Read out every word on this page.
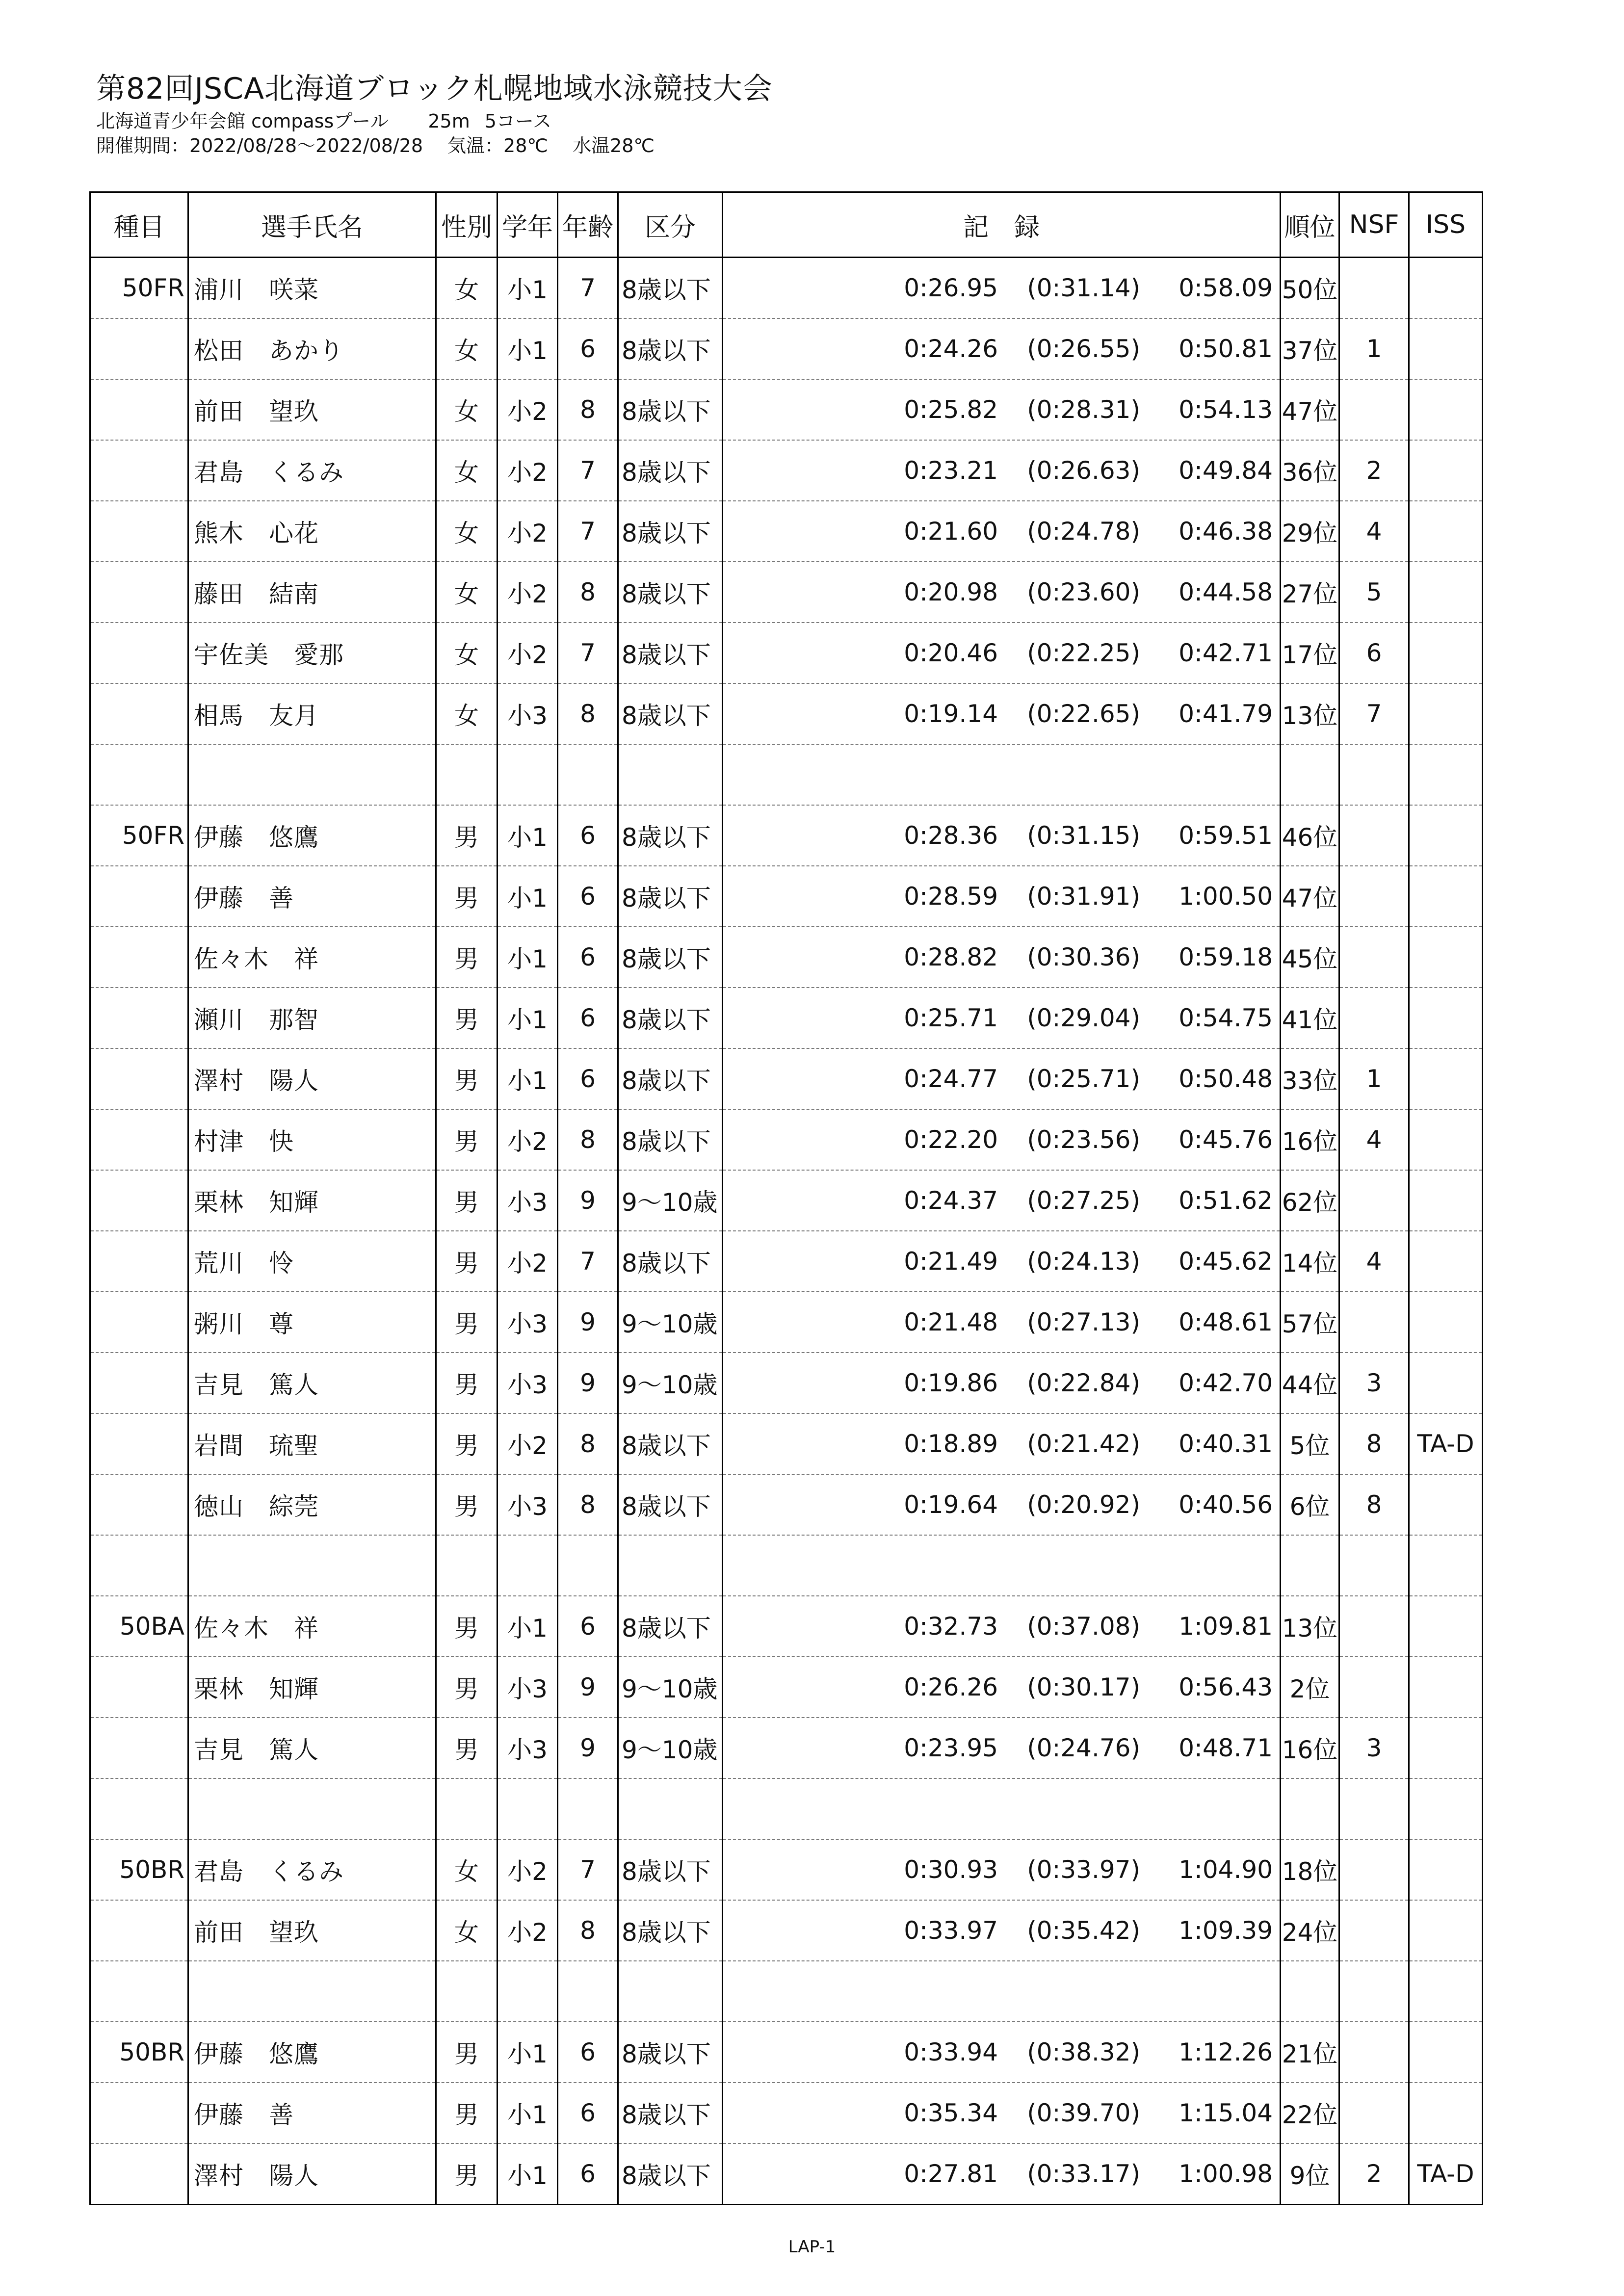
第82回JSCA北海道ブロック札幌地域水泳競技大会

北海道青少年会館 compassプール 25m 5コース

開催期間：2022/08/28～2022/08/28 気温：28℃ 水温28℃

種目	選手氏名	性別	学年	年齢	区分	記　録	順位	NSF	ISS
50FR	浦川　咲菜	女	小1	7	8歳以下	0:26.95 (0:31.14) 0:58.09	50位		
	松田　あかり	女	小1	6	8歳以下	0:24.26 (0:26.55) 0:50.81	37位	1	
	前田　望玖	女	小2	8	8歳以下	0:25.82 (0:28.31) 0:54.13	47位		
	君島　くるみ	女	小2	7	8歳以下	0:23.21 (0:26.63) 0:49.84	36位	2	
	熊木　心花	女	小2	7	8歳以下	0:21.60 (0:24.78) 0:46.38	29位	4	
	藤田　結南	女	小2	8	8歳以下	0:20.98 (0:23.60) 0:44.58	27位	5	
	宇佐美　愛那	女	小2	7	8歳以下	0:20.46 (0:22.25) 0:42.71	17位	6	
	相馬　友月	女	小3	8	8歳以下	0:19.14 (0:22.65) 0:41.79	13位	7	

50FR	伊藤　悠鷹	男	小1	6	8歳以下	0:28.36 (0:31.15) 0:59.51	46位		
	伊藤　善	男	小1	6	8歳以下	0:28.59 (0:31.91) 1:00.50	47位		
	佐々木　祥	男	小1	6	8歳以下	0:28.82 (0:30.36) 0:59.18	45位		
	瀬川　那智	男	小1	6	8歳以下	0:25.71 (0:29.04) 0:54.75	41位		
	澤村　陽人	男	小1	6	8歳以下	0:24.77 (0:25.71) 0:50.48	33位	1	
	村津　快	男	小2	8	8歳以下	0:22.20 (0:23.56) 0:45.76	16位	4	
	栗林　知輝	男	小3	9	9～10歳	0:24.37 (0:27.25) 0:51.62	62位		
	荒川　怜	男	小2	7	8歳以下	0:21.49 (0:24.13) 0:45.62	14位	4	
	粥川　尊	男	小3	9	9～10歳	0:21.48 (0:27.13) 0:48.61	57位		
	吉見　篤人	男	小3	9	9～10歳	0:19.86 (0:22.84) 0:42.70	44位	3	
	岩間　琉聖	男	小2	8	8歳以下	0:18.89 (0:21.42) 0:40.31	5位	8	TA-D
	徳山　綜莞	男	小3	8	8歳以下	0:19.64 (0:20.92) 0:40.56	6位	8	

50BA	佐々木　祥	男	小1	6	8歳以下	0:32.73 (0:37.08) 1:09.81	13位		
	栗林　知輝	男	小3	9	9～10歳	0:26.26 (0:30.17) 0:56.43	2位		
	吉見　篤人	男	小3	9	9～10歳	0:23.95 (0:24.76) 0:48.71	16位	3	

50BR	君島　くるみ	女	小2	7	8歳以下	0:30.93 (0:33.97) 1:04.90	18位		
	前田　望玖	女	小2	8	8歳以下	0:33.97 (0:35.42) 1:09.39	24位		

50BR	伊藤　悠鷹	男	小1	6	8歳以下	0:33.94 (0:38.32) 1:12.26	21位		
	伊藤　善	男	小1	6	8歳以下	0:35.34 (0:39.70) 1:15.04	22位		
	澤村　陽人	男	小1	6	8歳以下	0:27.81 (0:33.17) 1:00.98	9位	2	TA-D
LAP-1
